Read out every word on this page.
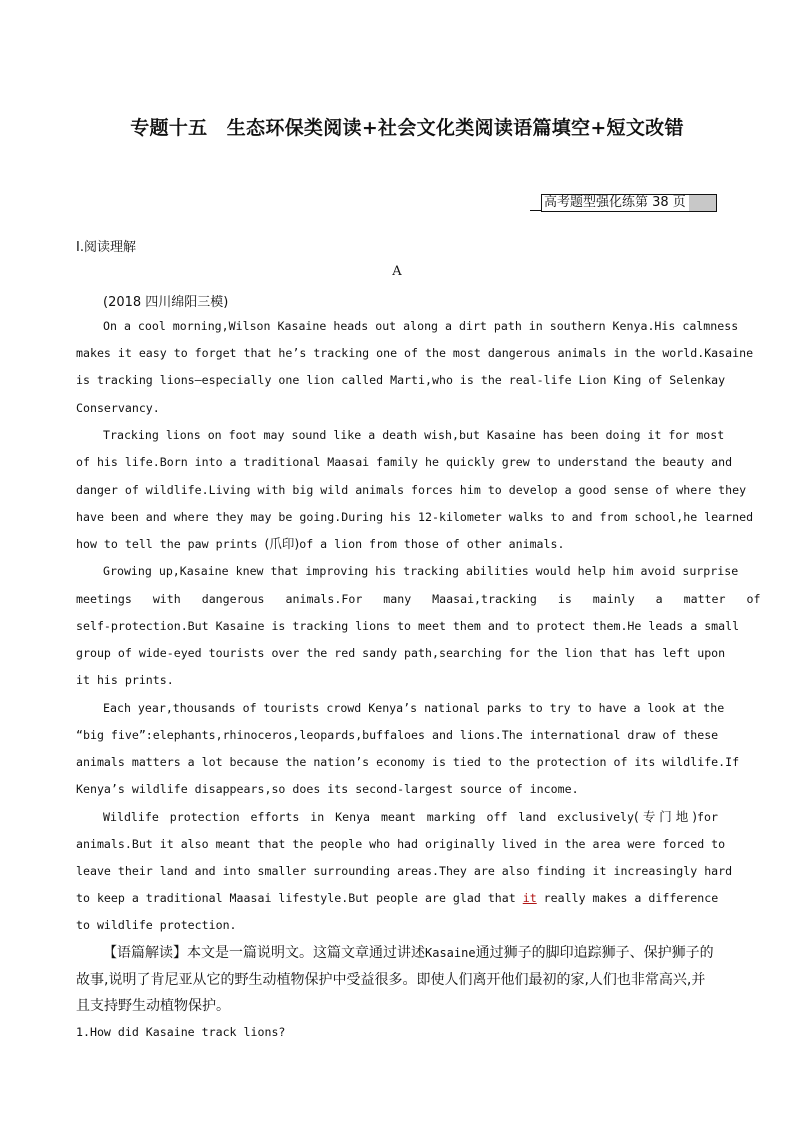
专题十五　生态环保类阅读+社会文化类阅读语篇填空+短文改错
高考题型强化练第 38 页
Ⅰ.阅读理解
A
(2018 四川绵阳三模)
On a cool morning,Wilson Kasaine heads out along a dirt path in southern Kenya.His calmness
makes it easy to forget that he’s tracking one of the most dangerous animals in the world.Kasaine
is tracking lions—especially one lion called Marti,who is the real-life Lion King of Selenkay
Conservancy.
Tracking lions on foot may sound like a death wish,but Kasaine has been doing it for most
of his life.Born into a traditional Maasai family he quickly grew to understand the beauty and
danger of wildlife.Living with big wild animals forces him to develop a good sense of where they
have been and where they may be going.During his 12-kilometer walks to and from school,he learned
how to tell the paw prints (爪印)of a lion from those of other animals.
Growing up,Kasaine knew that improving his tracking abilities would help him avoid surprise
meetings with dangerous animals.For many Maasai,tracking is mainly a matter of
self-protection.But Kasaine is tracking lions to meet them and to protect them.He leads a small
group of wide-eyed tourists over the red sandy path,searching for the lion that has left upon
it his prints.
Each year,thousands of tourists crowd Kenya’s national parks to try to have a look at the
“big five”:elephants,rhinoceros,leopards,buffaloes and lions.The international draw of these
animals matters a lot because the nation’s economy is tied to the protection of its wildlife.If
Kenya’s wildlife disappears,so does its second-largest source of income.
Wildlife protection efforts in Kenya meant marking off land exclusively(专门地)for
animals.But it also meant that the people who had originally lived in the area were forced to
leave their land and into smaller surrounding areas.They are also finding it increasingly hard
to keep a traditional Maasai lifestyle.But people are glad that it really makes a difference
to wildlife protection.
【语篇解读】本文是一篇说明文。这篇文章通过讲述Kasaine通过狮子的脚印追踪狮子、保护狮子的
故事,说明了肯尼亚从它的野生动植物保护中受益很多。即使人们离开他们最初的家,人们也非常高兴,并
且支持野生动植物保护。
1.How did Kasaine track lions?
